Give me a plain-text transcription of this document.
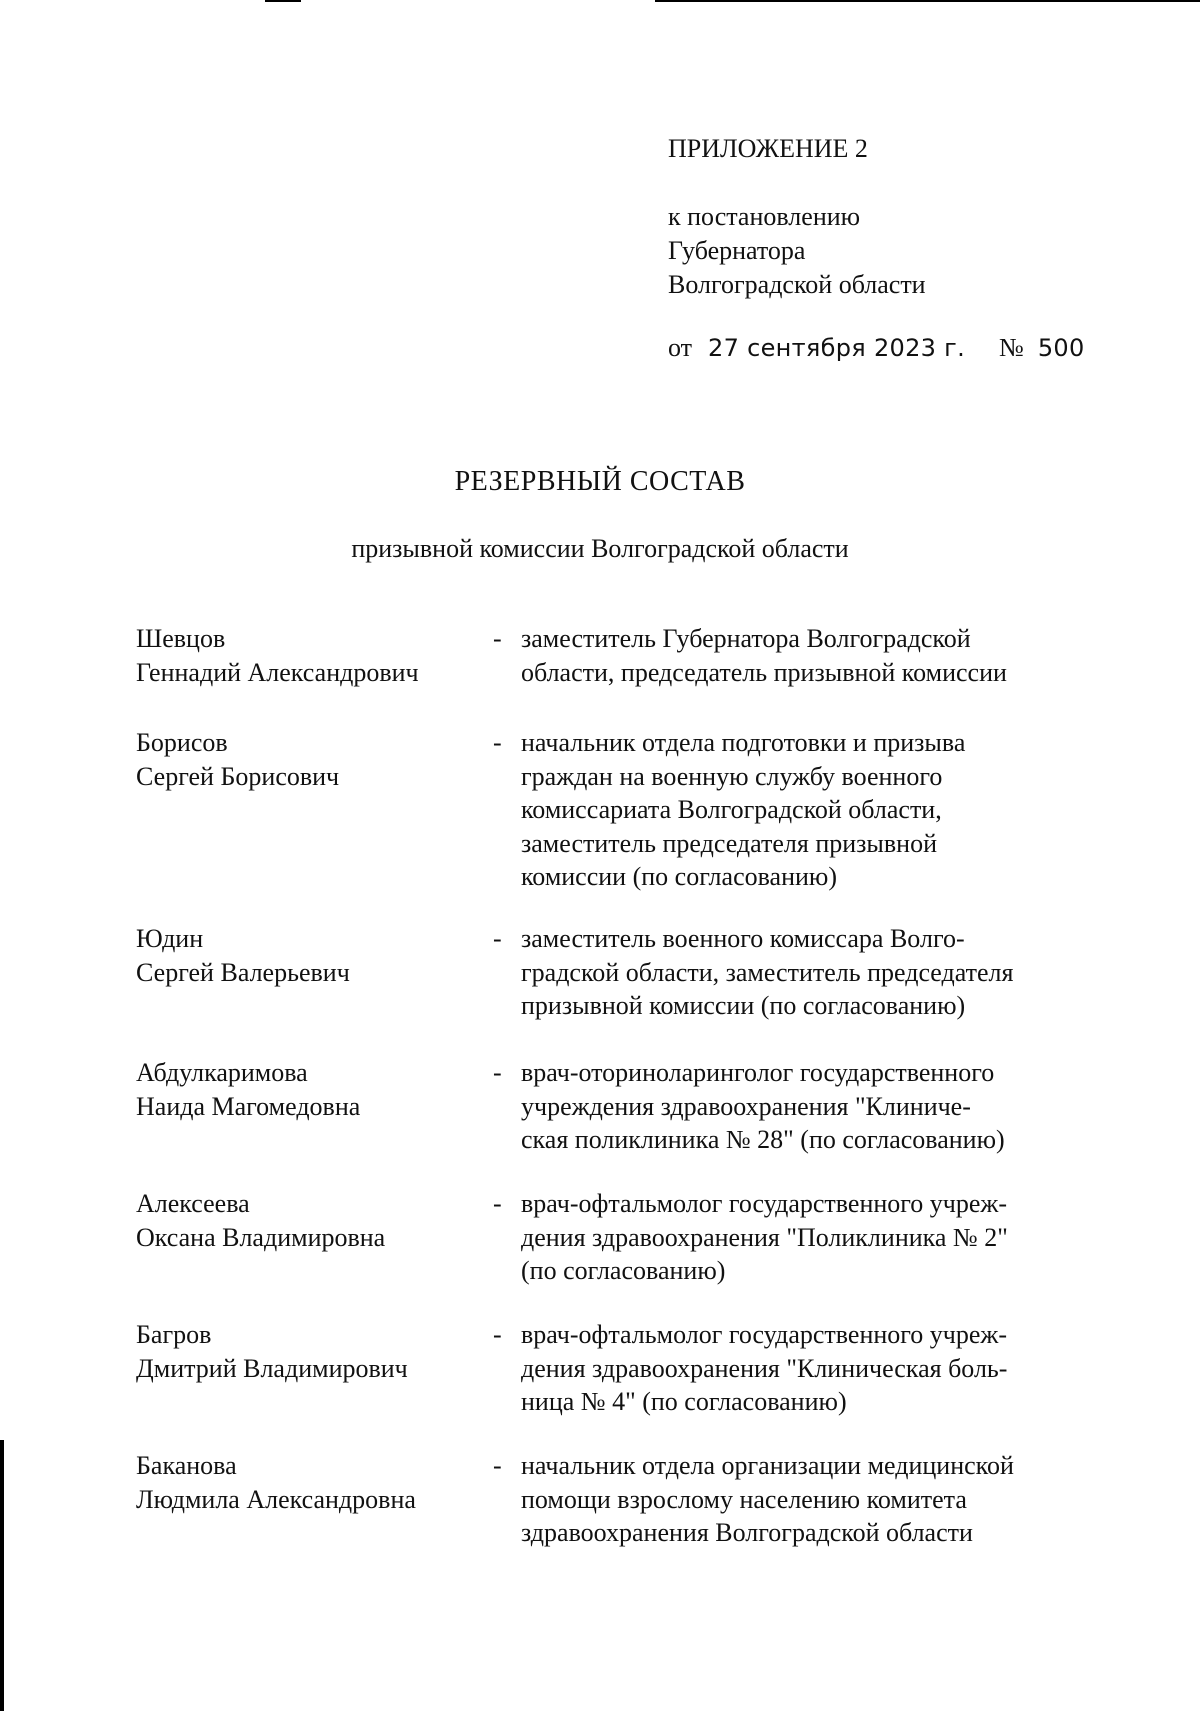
ПРИЛОЖЕНИЕ 2
к постановлению
Губернатора
Волгоградской области
от 27 сентября 2023 г. № 500
РЕЗЕРВНЫЙ СОСТАВ
призывной комиссии Волгоградской области
Шевцов
Геннадий Александрович
- заместитель Губернатора Волгоградской
области, председатель призывной комиссии
Борисов
Сергей Борисович
- начальник отдела подготовки и призыва
граждан на военную службу военного
комиссариата Волгоградской области,
заместитель председателя призывной
комиссии (по согласованию)
Юдин
Сергей Валерьевич
- заместитель военного комиссара Волго-
градской области, заместитель председателя
призывной комиссии (по согласованию)
Абдулкаримова
Наида Магомедовна
- врач-оториноларинголог государственного
учреждения здравоохранения "Клиниче-
ская поликлиника № 28" (по согласованию)
Алексеева
Оксана Владимировна
- врач-офтальмолог государственного учреж-
дения здравоохранения "Поликлиника № 2"
(по согласованию)
Багров
Дмитрий Владимирович
- врач-офтальмолог государственного учреж-
дения здравоохранения "Клиническая боль-
ница № 4" (по согласованию)
Баканова
Людмила Александровна
- начальник отдела организации медицинской
помощи взрослому населению комитета
здравоохранения Волгоградской области
